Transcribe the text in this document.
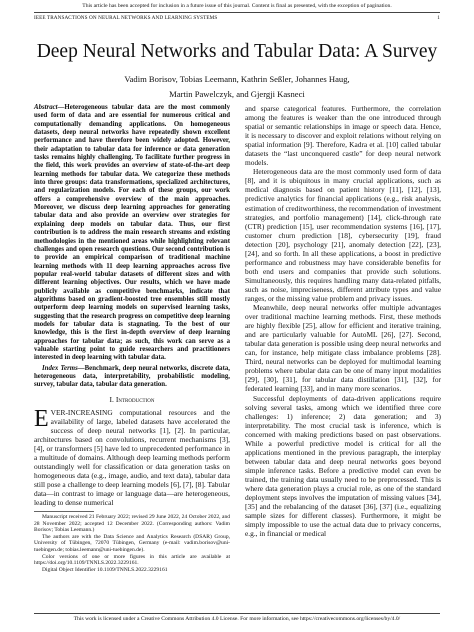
This article has been accepted for inclusion in a future issue of this journal. Content is final as presented, with the exception of pagination.
IEEE TRANSACTIONS ON NEURAL NETWORKS AND LEARNING SYSTEMS	1
Deep Neural Networks and Tabular Data: A Survey
Vadim Borisov, Tobias Leemann, Kathrin Seßler, Johannes Haug,
Martin Pawelczyk, and Gjergji Kasneci

Abstract—Heterogeneous tabular data are the most commonly used form of data and are essential for numerous critical and computationally demanding applications. On homogeneous datasets, deep neural networks have repeatedly shown excellent performance and have therefore been widely adopted. However, their adaptation to tabular data for inference or data generation tasks remains highly challenging. To facilitate further progress in the field, this work provides an overview of state-of-the-art deep learning methods for tabular data. We categorize these methods into three groups: data transformations, specialized architectures, and regularization models. For each of these groups, our work offers a comprehensive overview of the main approaches. Moreover, we discuss deep learning approaches for generating tabular data and also provide an overview over strategies for explaining deep models on tabular data. Thus, our first contribution is to address the main research streams and existing methodologies in the mentioned areas while highlighting relevant challenges and open research questions. Our second contribution is to provide an empirical comparison of traditional machine learning methods with 11 deep learning approaches across five popular real-world tabular datasets of different sizes and with different learning objectives. Our results, which we have made publicly available as competitive benchmarks, indicate that algorithms based on gradient-boosted tree ensembles still mostly outperform deep learning models on supervised learning tasks, suggesting that the research progress on competitive deep learning models for tabular data is stagnating. To the best of our knowledge, this is the first in-depth overview of deep learning approaches for tabular data; as such, this work can serve as a valuable starting point to guide researchers and practitioners interested in deep learning with tabular data.

Index Terms—Benchmark, deep neural networks, discrete data, heterogeneous data, interpretability, probabilistic modeling, survey, tabular data, tabular data generation.

I. Introduction

EVER-INCREASING computational resources and the availability of large, labeled datasets have accelerated the success of deep neural networks [1], [2]. In particular, architectures based on convolutions, recurrent mechanisms [3], [4], or transformers [5] have led to unprecedented performance in a multitude of domains. Although deep learning methods perform outstandingly well for classification or data generation tasks on homogeneous data (e.g., image, audio, and text data), tabular data still pose a challenge to deep learning models [6], [7], [8]. Tabular data—in contrast to image or language data—are heterogeneous, leading to dense numerical

Manuscript received 21 February 2022; revised 29 June 2022, 24 October 2022, and 28 November 2022; accepted 12 December 2022. (Corresponding authors: Vadim Borisov; Tobias Leemann.)

The authors are with the Data Science and Analytics Research (DSAR) Group, University of Tübingen, 72070 Tübingen, Germany (e-mail: vadim.borisov@uni-tuebingen.de; tobias.leemann@uni-tuebingen.de).

Color versions of one or more figures in this article are available at https://doi.org/10.1109/TNNLS.2022.3229161.

Digital Object Identifier 10.1109/TNNLS.2022.3229161

and sparse categorical features. Furthermore, the correlation among the features is weaker than the one introduced through spatial or semantic relationships in image or speech data. Hence, it is necessary to discover and exploit relations without relying on spatial information [9]. Therefore, Kadra et al. [10] called tabular datasets the “last unconquered castle” for deep neural network models.

Heterogeneous data are the most commonly used form of data [8], and it is ubiquitous in many crucial applications, such as medical diagnosis based on patient history [11], [12], [13], predictive analytics for financial applications (e.g., risk analysis, estimation of creditworthiness, the recommendation of investment strategies, and portfolio management) [14], click-through rate (CTR) prediction [15], user recommendation systems [16], [17], customer churn prediction [18], cybersecurity [19], fraud detection [20], psychology [21], anomaly detection [22], [23], [24], and so forth. In all these applications, a boost in predictive performance and robustness may have considerable benefits for both end users and companies that provide such solutions. Simultaneously, this requires handling many data-related pitfalls, such as noise, impreciseness, different attribute types and value ranges, or the missing value problem and privacy issues.

Meanwhile, deep neural networks offer multiple advantages over traditional machine learning methods. First, these methods are highly flexible [25], allow for efficient and iterative training, and are particularly valuable for AutoML [26], [27]. Second, tabular data generation is possible using deep neural networks and can, for instance, help mitigate class imbalance problems [28]. Third, neural networks can be deployed for multimodal learning problems where tabular data can be one of many input modalities [29], [30], [31], for tabular data distillation [31], [32], for federated learning [33], and in many more scenarios.

Successful deployments of data-driven applications require solving several tasks, among which we identified three core challenges: 1) inference; 2) data generation; and 3) interpretability. The most crucial task is inference, which is concerned with making predictions based on past observations. While a powerful predictive model is critical for all the applications mentioned in the previous paragraph, the interplay between tabular data and deep neural networks goes beyond simple inference tasks. Before a predictive model can even be trained, the training data usually need to be preprocessed. This is where data generation plays a crucial role, as one of the standard deployment steps involves the imputation of missing values [34], [35] and the rebalancing of the dataset [36], [37] (i.e., equalizing sample sizes for different classes). Furthermore, it might be simply impossible to use the actual data due to privacy concerns, e.g., in financial or medical

This work is licensed under a Creative Commons Attribution 4.0 License. For more information, see https://creativecommons.org/licenses/by/4.0/
